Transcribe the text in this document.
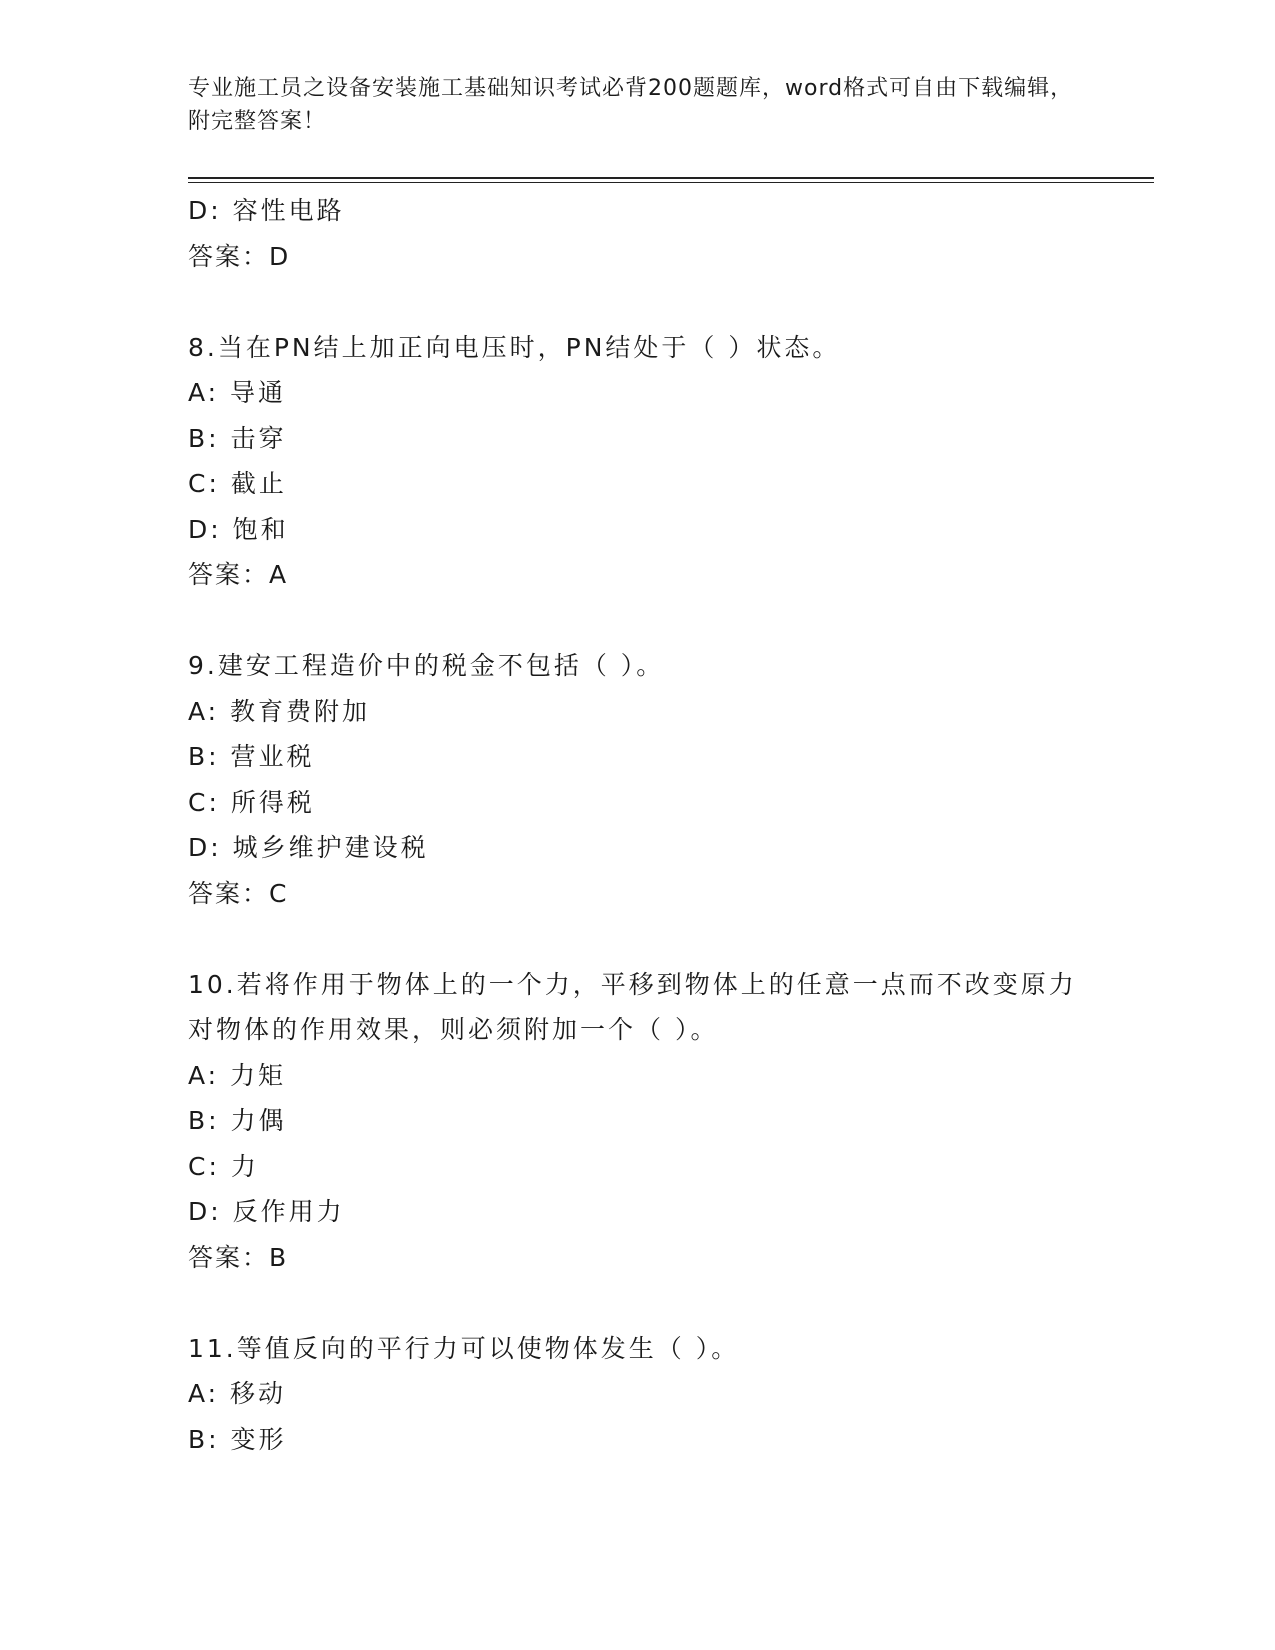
专业施工员之设备安装施工基础知识考试必背200题题库，word格式可自由下载编辑，附完整答案！

D: 容性电路

答案：D

8.当在PN结上加正向电压时，PN结处于（ ）状态。

A: 导通

B: 击穿

C: 截止

D: 饱和

答案：A

9.建安工程造价中的税金不包括（ ）。

A: 教育费附加

B: 营业税

C: 所得税

D: 城乡维护建设税

答案：C

10.若将作用于物体上的一个力，平移到物体上的任意一点而不改变原力对物体的作用效果，则必须附加一个（ ）。

A: 力矩

B: 力偶

C: 力

D: 反作用力

答案：B

11.等值反向的平行力可以使物体发生（ ）。

A: 移动

B: 变形
